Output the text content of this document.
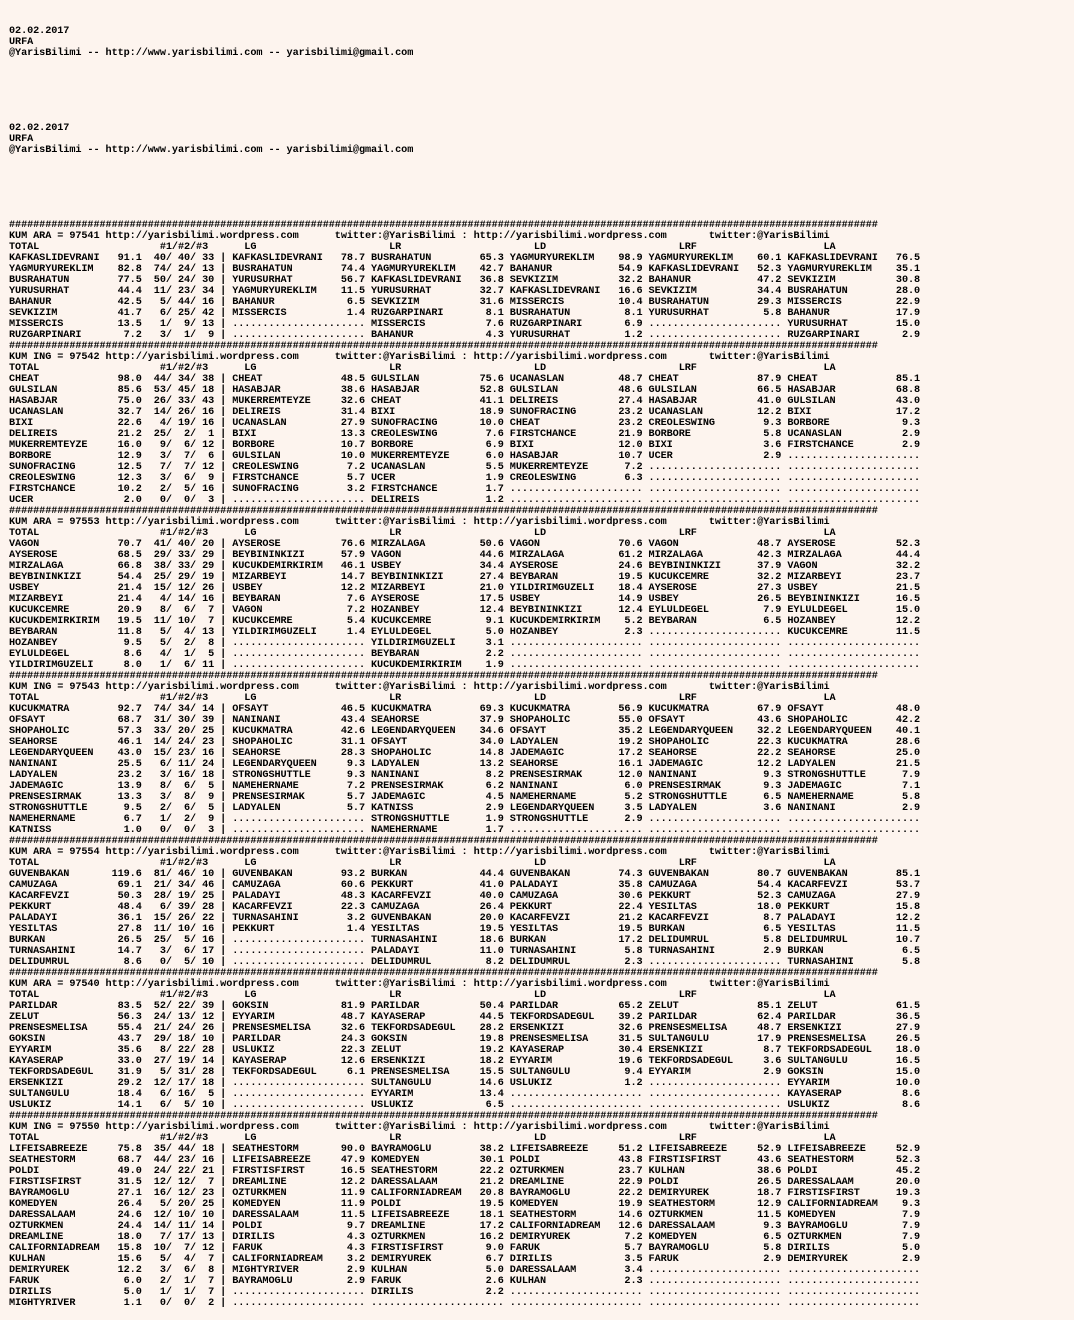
02.02.2017
URFA
@YarisBilimi -- http://www.yarisbilimi.com -- yarisbilimi@gmail.com

02.02.2017
URFA
@YarisBilimi -- http://www.yarisbilimi.com -- yarisbilimi@gmail.com

################################################################################################################################################
KUM ARA = 97541 http://yarisbilimi.wordpress.com      twitter:@YarisBilimi : http://yarisbilimi.wordpress.com       twitter:@YarisBilimi
TOTAL                    #1/#2/#3      LG                      LR                      LD                      LRF                     LA
KAFKASLIDEVRANI   91.1  40/ 40/ 33 | KAFKASLIDEVRANI   78.7 BUSRAHATUN        65.3 YAGMURYUREKLIM    98.9 YAGMURYUREKLIM    60.1 KAFKASLIDEVRANI   76.5
YAGMURYUREKLIM    82.8  74/ 24/ 13 | BUSRAHATUN        74.4 YAGMURYUREKLIM    42.7 BAHANUR           54.9 KAFKASLIDEVRANI   52.3 YAGMURYUREKLIM    35.1
BUSRAHATUN        77.5  50/ 24/ 30 | YURUSURHAT        56.7 KAFKASLIDEVRANI   36.8 SEVKIZIM          32.2 BAHANUR           47.2 SEVKIZIM          30.8
YURUSURHAT        44.4  11/ 23/ 34 | YAGMURYUREKLIM    11.5 YURUSURHAT        32.7 KAFKASLIDEVRANI   16.6 SEVKIZIM          34.4 BUSRAHATUN        28.0
BAHANUR           42.5   5/ 44/ 16 | BAHANUR            6.5 SEVKIZIM          31.6 MISSERCIS         10.4 BUSRAHATUN        29.3 MISSERCIS         22.9
SEVKIZIM          41.7   6/ 25/ 42 | MISSERCIS          1.4 RUZGARPINARI       8.1 BUSRAHATUN         8.1 YURUSURHAT         5.8 BAHANUR           17.9
MISSERCIS         13.5   1/  9/ 13 | ...................... MISSERCIS          7.6 RUZGARPINARI       6.9 ...................... YURUSURHAT        15.0
RUZGARPINARI       7.2   3/  1/  9 | ...................... BAHANUR            4.3 YURUSURHAT         1.2 ...................... RUZGARPINARI       2.9
################################################################################################################################################
KUM ING = 97542 http://yarisbilimi.wordpress.com      twitter:@YarisBilimi : http://yarisbilimi.wordpress.com       twitter:@YarisBilimi
TOTAL                    #1/#2/#3      LG                      LR                      LD                      LRF                     LA
CHEAT             98.0  44/ 34/ 38 | CHEAT             48.5 GULSILAN          75.6 UCANASLAN         48.7 CHEAT             87.9 CHEAT             85.1
GULSILAN          85.6  53/ 45/ 18 | HASABJAR          38.6 HASABJAR          52.8 GULSILAN          48.6 GULSILAN          66.5 HASABJAR          68.8
HASABJAR          75.0  26/ 33/ 43 | MUKERREMTEYZE     32.6 CHEAT             41.1 DELIREIS          27.4 HASABJAR          41.0 GULSILAN          43.0
UCANASLAN         32.7  14/ 26/ 16 | DELIREIS          31.4 BIXI              18.9 SUNOFRACING       23.2 UCANASLAN         12.2 BIXI              17.2
BIXI              22.6   4/ 19/ 16 | UCANASLAN         27.9 SUNOFRACING       10.0 CHEAT             23.2 CREOLESWING        9.3 BORBORE            9.3
DELIREIS          21.2  25/  2/  1 | BIXI              13.3 CREOLESWING        7.6 FIRSTCHANCE       21.9 BORBORE            5.8 UCANASLAN          2.9
MUKERREMTEYZE     16.0   9/  6/ 12 | BORBORE           10.7 BORBORE            6.9 BIXI              12.0 BIXI               3.6 FIRSTCHANCE        2.9
BORBORE           12.9   3/  7/  6 | GULSILAN          10.0 MUKERREMTEYZE      6.0 HASABJAR          10.7 UCER               2.9 ......................
SUNOFRACING       12.5   7/  7/ 12 | CREOLESWING        7.2 UCANASLAN          5.5 MUKERREMTEYZE      7.2 ...................... ......................
CREOLESWING       12.3   3/  6/  9 | FIRSTCHANCE        5.7 UCER               1.9 CREOLESWING        6.3 ...................... ......................
FIRSTCHANCE       10.2   2/  5/ 16 | SUNOFRACING        3.2 FIRSTCHANCE        1.7 ...................... ...................... ......................
UCER               2.0   0/  0/  3 | ...................... DELIREIS           1.2 ...................... ...................... ......................
################################################################################################################################################
KUM ARA = 97553 http://yarisbilimi.wordpress.com      twitter:@YarisBilimi : http://yarisbilimi.wordpress.com       twitter:@YarisBilimi
TOTAL                    #1/#2/#3      LG                      LR                      LD                      LRF                     LA
VAGON             70.7  41/ 40/ 20 | AYSEROSE          76.6 MIRZALAGA         50.6 VAGON             70.6 VAGON             48.7 AYSEROSE          52.3
AYSEROSE          68.5  29/ 33/ 29 | BEYBININKIZI      57.9 VAGON             44.6 MIRZALAGA         61.2 MIRZALAGA         42.3 MIRZALAGA         44.4
MIRZALAGA         66.8  38/ 33/ 29 | KUCUKDEMIRKIRIM   46.1 USBEY             34.4 AYSEROSE          24.6 BEYBININKIZI      37.9 VAGON             32.2
BEYBININKIZI      54.4  25/ 29/ 19 | MIZARBEYI         14.7 BEYBININKIZI      27.4 BEYBARAN          19.5 KUCUKCEMRE        32.2 MIZARBEYI         23.7
USBEY             21.4  15/ 12/ 26 | USBEY             12.2 MIZARBEYI         21.0 YILDIRIMGUZELI    18.4 AYSEROSE          27.3 USBEY             21.5
MIZARBEYI         21.4   4/ 14/ 16 | BEYBARAN           7.6 AYSEROSE          17.5 USBEY             14.9 USBEY             26.5 BEYBININKIZI      16.5
KUCUKCEMRE        20.9   8/  6/  7 | VAGON              7.2 HOZANBEY          12.4 BEYBININKIZI      12.4 EYLULDEGEL         7.9 EYLULDEGEL        15.0
KUCUKDEMIRKIRIM   19.5  11/ 10/  7 | KUCUKCEMRE         5.4 KUCUKCEMRE         9.1 KUCUKDEMIRKIRIM    5.2 BEYBARAN           6.5 HOZANBEY          12.2
BEYBARAN          11.8   5/  4/ 13 | YILDIRIMGUZELI     1.4 EYLULDEGEL         5.0 HOZANBEY           2.3 ...................... KUCUKCEMRE        11.5
HOZANBEY           9.5   5/  2/  8 | ...................... YILDIRIMGUZELI     3.1 ...................... ...................... ......................
EYLULDEGEL         8.6   4/  1/  5 | ...................... BEYBARAN           2.2 ...................... ...................... ......................
YILDIRIMGUZELI     8.0   1/  6/ 11 | ...................... KUCUKDEMIRKIRIM    1.9 ...................... ...................... ......................
################################################################################################################################################
KUM ING = 97543 http://yarisbilimi.wordpress.com      twitter:@YarisBilimi : http://yarisbilimi.wordpress.com       twitter:@YarisBilimi
TOTAL                    #1/#2/#3      LG                      LR                      LD                      LRF                     LA
KUCUKMATRA        92.7  74/ 34/ 14 | OFSAYT            46.5 KUCUKMATRA        69.3 KUCUKMATRA        56.9 KUCUKMATRA        67.9 OFSAYT            48.0
OFSAYT            68.7  31/ 30/ 39 | NANINANI          43.4 SEAHORSE          37.9 SHOPAHOLIC        55.0 OFSAYT            43.6 SHOPAHOLIC        42.2
SHOPAHOLIC        57.3  33/ 20/ 25 | KUCUKMATRA        42.6 LEGENDARYQUEEN    34.6 OFSAYT            35.2 LEGENDARYQUEEN    32.2 LEGENDARYQUEEN    40.1
SEAHORSE          46.1  14/ 24/ 23 | SHOPAHOLIC        31.1 OFSAYT            34.0 LADYALEN          19.2 SHOPAHOLIC        22.3 KUCUKMATRA        28.6
LEGENDARYQUEEN    43.0  15/ 23/ 16 | SEAHORSE          28.3 SHOPAHOLIC        14.8 JADEMAGIC         17.2 SEAHORSE          22.2 SEAHORSE          25.0
NANINANI          25.5   6/ 11/ 24 | LEGENDARYQUEEN     9.3 LADYALEN          13.2 SEAHORSE          16.1 JADEMAGIC         12.2 LADYALEN          21.5
LADYALEN          23.2   3/ 16/ 18 | STRONGSHUTTLE      9.3 NANINANI           8.2 PRENSESIRMAK      12.0 NANINANI           9.3 STRONGSHUTTLE      7.9
JADEMAGIC         13.9   8/  6/  5 | NAMEHERNAME        7.2 PRENSESIRMAK       6.2 NANINANI           6.0 PRENSESIRMAK       9.3 JADEMAGIC          7.1
PRENSESIRMAK      13.3   3/  8/  9 | PRENSESIRMAK       5.7 JADEMAGIC          4.5 NAMEHERNAME        5.2 STRONGSHUTTLE      6.5 NAMEHERNAME        5.8
STRONGSHUTTLE      9.5   2/  6/  5 | LADYALEN           5.7 KATNISS            2.9 LEGENDARYQUEEN     3.5 LADYALEN           3.6 NANINANI           2.9
NAMEHERNAME        6.7   1/  2/  9 | ...................... STRONGSHUTTLE      1.9 STRONGSHUTTLE      2.9 ...................... ......................
KATNISS            1.0   0/  0/  3 | ...................... NAMEHERNAME        1.7 ...................... ...................... ......................
################################################################################################################################################
KUM ARA = 97554 http://yarisbilimi.wordpress.com      twitter:@YarisBilimi : http://yarisbilimi.wordpress.com       twitter:@YarisBilimi
TOTAL                    #1/#2/#3      LG                      LR                      LD                      LRF                     LA
GUVENBAKAN       119.6  81/ 46/ 10 | GUVENBAKAN        93.2 BURKAN            44.4 GUVENBAKAN        74.3 GUVENBAKAN        80.7 GUVENBAKAN        85.1
CAMUZAGA          69.1  21/ 34/ 46 | CAMUZAGA          60.6 PEKKURT           41.0 PALADAYI          35.8 CAMUZAGA          54.4 KACARFEVZI        53.7
KACARFEVZI        50.3  28/ 19/ 25 | PALADAYI          48.3 KACARFEVZI        40.0 CAMUZAGA          30.6 PEKKURT           52.3 CAMUZAGA          27.9
PEKKURT           48.4   6/ 39/ 28 | KACARFEVZI        22.3 CAMUZAGA          26.4 PEKKURT           22.4 YESILTAS          18.0 PEKKURT           15.8
PALADAYI          36.1  15/ 26/ 22 | TURNASAHINI        3.2 GUVENBAKAN        20.0 KACARFEVZI        21.2 KACARFEVZI         8.7 PALADAYI          12.2
YESILTAS          27.8  11/ 10/ 16 | PEKKURT            1.4 YESILTAS          19.5 YESILTAS          19.5 BURKAN             6.5 YESILTAS          11.5
BURKAN            26.5  25/  5/ 16 | ...................... TURNASAHINI       18.6 BURKAN            17.2 DELIDUMRUL         5.8 DELIDUMRUL        10.7
TURNASAHINI       14.7   3/  6/ 17 | ...................... PALADAYI          11.0 TURNASAHINI        5.8 TURNASAHINI        2.9 BURKAN             6.5
DELIDUMRUL         8.6   0/  5/ 10 | ...................... DELIDUMRUL         8.2 DELIDUMRUL         2.3 ...................... TURNASAHINI        5.8
################################################################################################################################################
KUM ARA = 97540 http://yarisbilimi.wordpress.com      twitter:@YarisBilimi : http://yarisbilimi.wordpress.com       twitter:@YarisBilimi
TOTAL                    #1/#2/#3      LG                      LR                      LD                      LRF                     LA
PARILDAR          83.5  52/ 22/ 39 | GOKSIN            81.9 PARILDAR          50.4 PARILDAR          65.2 ZELUT             85.1 ZELUT             61.5
ZELUT             56.3  24/ 13/ 12 | EYYARIM           48.7 KAYASERAP         44.5 TEKFORDSADEGUL    39.2 PARILDAR          62.4 PARILDAR          36.5
PRENSESMELISA     55.4  21/ 24/ 26 | PRENSESMELISA     32.6 TEKFORDSADEGUL    28.2 ERSENKIZI         32.6 PRENSESMELISA     48.7 ERSENKIZI         27.9
GOKSIN            43.7  29/ 18/ 10 | PARILDAR          24.3 GOKSIN            19.8 PRENSESMELISA     31.5 SULTANGULU        17.9 PRENSESMELISA     26.5
EYYARIM           35.6   8/ 22/ 28 | USLUKIZ           22.3 ZELUT             19.2 KAYASERAP         30.4 ERSENKIZI          8.7 TEKFORDSADEGUL    18.0
KAYASERAP         33.0  27/ 19/ 14 | KAYASERAP         12.6 ERSENKIZI         18.2 EYYARIM           19.6 TEKFORDSADEGUL     3.6 SULTANGULU        16.5
TEKFORDSADEGUL    31.9   5/ 31/ 28 | TEKFORDSADEGUL     6.1 PRENSESMELISA     15.5 SULTANGULU         9.4 EYYARIM            2.9 GOKSIN            15.0
ERSENKIZI         29.2  12/ 17/ 18 | ...................... SULTANGULU        14.6 USLUKIZ            1.2 ...................... EYYARIM           10.0
SULTANGULU        18.4   6/ 16/  5 | ...................... EYYARIM           13.4 ...................... ...................... KAYASERAP          8.6
USLUKIZ           14.1   6/  5/ 10 | ...................... USLUKIZ            6.5 ...................... ...................... USLUKIZ            8.6
################################################################################################################################################
KUM ING = 97550 http://yarisbilimi.wordpress.com      twitter:@YarisBilimi : http://yarisbilimi.wordpress.com       twitter:@YarisBilimi
TOTAL                    #1/#2/#3      LG                      LR                      LD                      LRF                     LA
LIFEISABREEZE     75.8  35/ 44/ 18 | SEATHESTORM       90.0 BAYRAMOGLU        38.2 LIFEISABREEZE     51.2 LIFEISABREEZE     52.9 LIFEISABREEZE     52.9
SEATHESTORM       68.7  44/ 23/ 16 | LIFEISABREEZE     47.9 KOMEDYEN          30.1 POLDI             43.8 FIRSTISFIRST      43.6 SEATHESTORM       52.3
POLDI             49.0  24/ 22/ 21 | FIRSTISFIRST      16.5 SEATHESTORM       22.2 OZTURKMEN         23.7 KULHAN            38.6 POLDI             45.2
FIRSTISFIRST      31.5  12/ 12/  7 | DREAMLINE         12.2 DARESSALAAM       21.2 DREAMLINE         22.9 POLDI             26.5 DARESSALAAM       20.0
BAYRAMOGLU        27.1  16/ 12/ 23 | OZTURKMEN         11.9 CALIFORNIADREAM   20.8 BAYRAMOGLU        22.2 DEMIRYUREK        18.7 FIRSTISFIRST      19.3
KOMEDYEN          26.4   5/ 20/ 25 | KOMEDYEN          11.9 POLDI             19.5 KOMEDYEN          19.9 SEATHESTORM       12.9 CALIFORNIADREAM    9.3
DARESSALAAM       24.6  12/ 10/ 10 | DARESSALAAM       11.5 LIFEISABREEZE     18.1 SEATHESTORM       14.6 OZTURKMEN         11.5 KOMEDYEN           7.9
OZTURKMEN         24.4  14/ 11/ 14 | POLDI              9.7 DREAMLINE         17.2 CALIFORNIADREAM   12.6 DARESSALAAM        9.3 BAYRAMOGLU         7.9
DREAMLINE         18.0   7/ 17/ 13 | DIRILIS            4.3 OZTURKMEN         16.2 DEMIRYUREK         7.2 KOMEDYEN           6.5 OZTURKMEN          7.9
CALIFORNIADREAM   15.8  10/  7/ 12 | FARUK              4.3 FIRSTISFIRST       9.0 FARUK              5.7 BAYRAMOGLU         5.8 DIRILIS            5.0
KULHAN            15.6   5/  4/  7 | CALIFORNIADREAM    3.2 DEMIRYUREK         6.7 DIRILIS            3.5 FARUK              2.9 DEMIRYUREK         2.9
DEMIRYUREK        12.2   3/  6/  8 | MIGHTYRIVER        2.9 KULHAN             5.0 DARESSALAAM        3.4 ...................... ......................
FARUK              6.0   2/  1/  7 | BAYRAMOGLU         2.9 FARUK              2.6 KULHAN             2.3 ...................... ......................
DIRILIS            5.0   1/  1/  7 | ...................... DIRILIS            2.2 ...................... ...................... ......................
MIGHTYRIVER        1.1   0/  0/  2 | ...................... ...................... ...................... ...................... ......................
